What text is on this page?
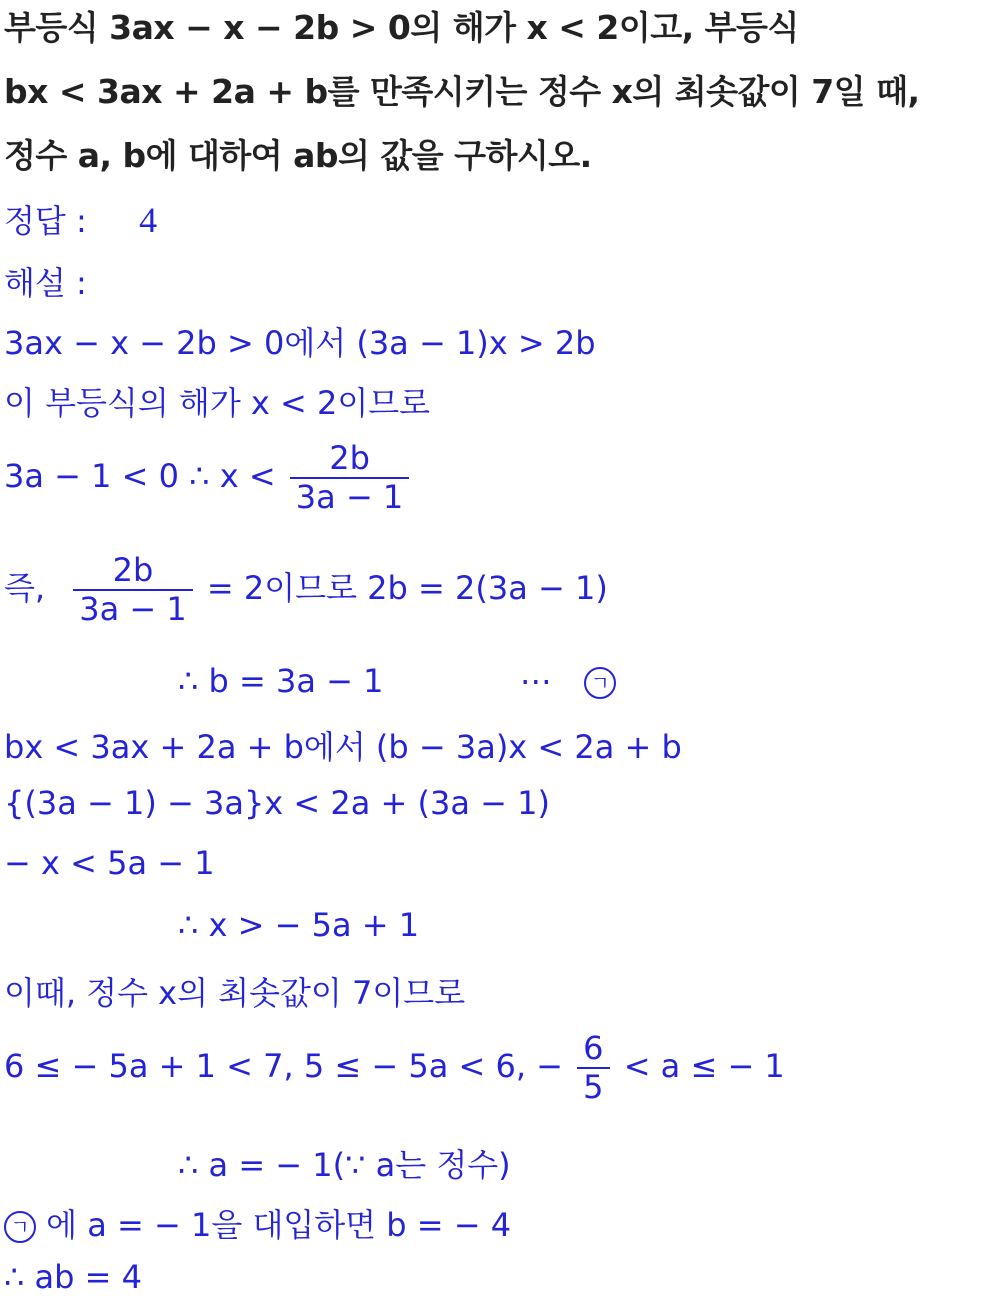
부등식 3ax − x − 2b > 0의 해가 x < 2이고, 부등식
bx < 3ax + 2a + b를 만족시키는 정수 x의 최솟값이 7일 때,
정수 a, b에 대하여 ab의 값을 구하시오.
정답 : 4
해설 :
3ax − x − 2b > 0에서 (3a − 1)x > 2b
이 부등식의 해가 x < 2이므로
3a − 1 < 0 ∴ $x < \frac{2b}{3a - 1}$
즉, $\frac{2b}{3a - 1} = 2$이므로 2b = 2(3a − 1)
∴ b = 3a − 1	⋯ ㄱ
bx < 3ax + 2a + b에서 (b − 3a)x < 2a + b
{(3a − 1) − 3a}x < 2a + (3a − 1)
− x < 5a − 1
∴ x > − 5a + 1
이때, 정수 x의 최솟값이 7이므로
6 ≤ − 5a + 1 < 7, 5 ≤ − 5a < 6, − $\frac{6}{5} < a$ ≤ − 1
∴ a = − 1(∵ a는 정수)
ㄱ 에 a = − 1을 대입하면 b = − 4
∴ ab = 4
